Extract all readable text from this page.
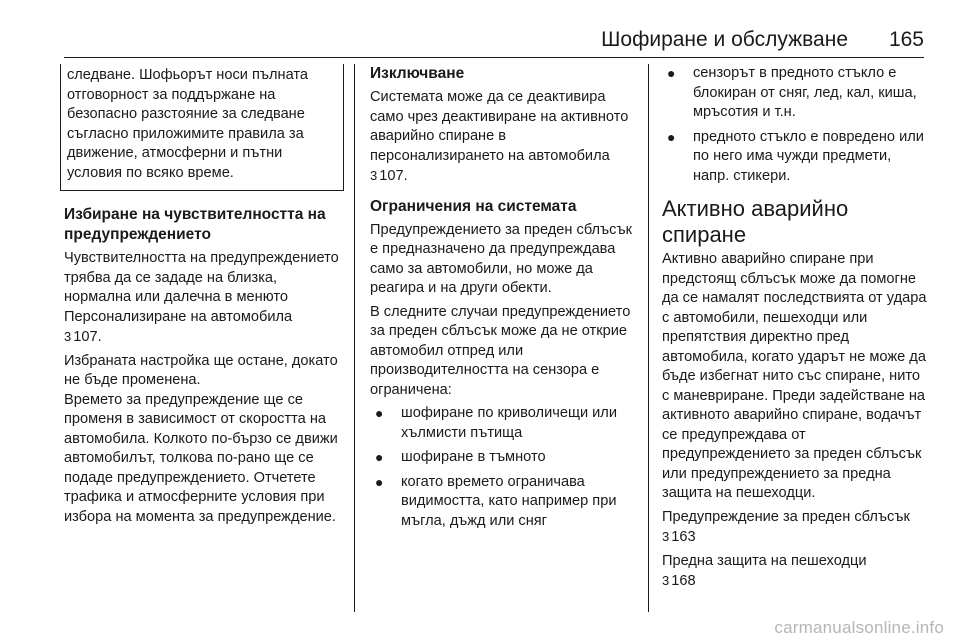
Шофиране и обслужване 165

следване. Шофьорът носи пълната отговорност за поддържане на безопасно разстояние за следване съгласно приложимите правила за движение, атмосферни и пътни условия по всяко време.

Избиране на чувствителността на предупреждението

Чувствителността на предупреждението трябва да се зададе на близка, нормална или далечна в менюто Персонализиране на автомобила
3 107.

Избраната настройка ще остане, докато не бъде променена.

Времето за предупреждение ще се променя в зависимост от скоростта на автомобила. Колкото по-бързо се движи автомобилът, толкова по-рано ще се подаде предупреждението. Отчетете трафика и атмосферните условия при избора на момента за предупреждение.

Изключване

Системата може да се деактивира само чрез деактивиране на активното аварийно спиране в персонализирането на автомобила
3 107.

Ограничения на системата

Предупреждението за преден сблъсък е предназначено да предупреждава само за автомобили, но може да реагира и на други обекти.

В следните случаи предупреждението за преден сблъсък може да не открие автомобил отпред или производителността на сензора е ограничена:

● шофиране по криволичещи или хълмисти пътища
● шофиране в тъмното
● когато времето ограничава видимостта, като например при мъгла, дъжд или сняг
● сензорът в предното стъкло е блокиран от сняг, лед, кал, киша, мръсотия и т.н.
● предното стъкло е повредено или по него има чужди предмети, напр. стикери.

Активно аварийно спиране

Активно аварийно спиране при предстоящ сблъсък може да помогне да се намалят последствията от удара с автомобили, пешеходци или препятствия директно пред автомобила, когато ударът не може да бъде избегнат нито със спиране, нито с маневриране. Преди задействане на активното аварийно спиране, водачът се предупреждава от предупреждението за преден сблъсък или предупреждението за предна защита на пешеходци.

Предупреждение за преден сблъсък
3 163

Предна защита на пешеходци
3 168

carmanualsonline.info
